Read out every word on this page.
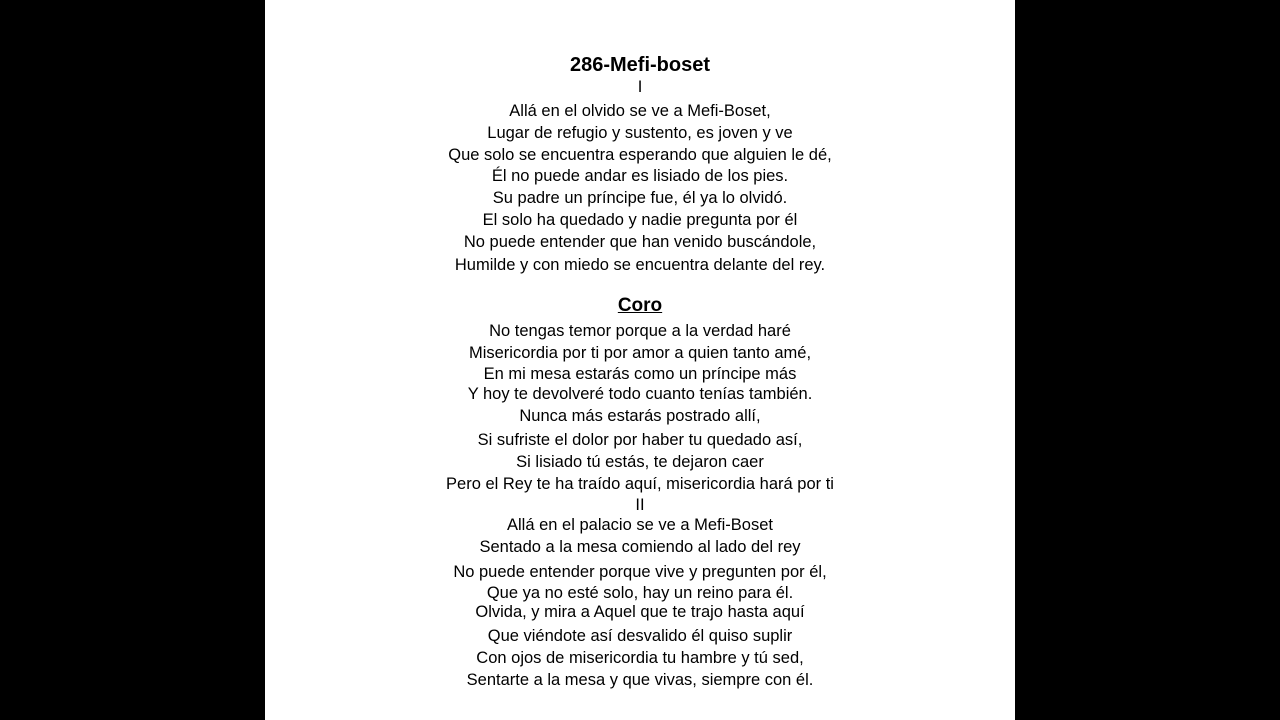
286-Mefi-boset
I
Allá en el olvido se ve a Mefi-Boset,
Lugar de refugio y sustento, es joven y ve
Que solo se encuentra esperando que alguien le dé,
Él no puede andar es lisiado de los pies.
Su padre un príncipe fue, él ya lo olvidó.
El solo ha quedado y nadie pregunta por él
No puede entender que han venido buscándole,
Humilde y con miedo se encuentra delante del rey.
Coro
No tengas temor porque a la verdad haré
Misericordia por ti por amor a quien tanto amé,
En mi mesa estarás como un príncipe más
Y hoy te devolveré todo cuanto tenías también.
Nunca más estarás postrado allí,
Si sufriste el dolor por haber tu quedado así,
Si lisiado tú estás, te dejaron caer
Pero el Rey te ha traído aquí, misericordia hará por ti
II
Allá en el palacio se ve a Mefi-Boset
Sentado a la mesa comiendo al lado del rey
No puede entender porque vive y pregunten por él,
Que ya no esté solo, hay un reino para él.
Olvida, y mira a Aquel que te trajo hasta aquí
Que viéndote así desvalido él quiso suplir
Con ojos de misericordia tu hambre y tú sed,
Sentarte a la mesa y que vivas, siempre con él.
